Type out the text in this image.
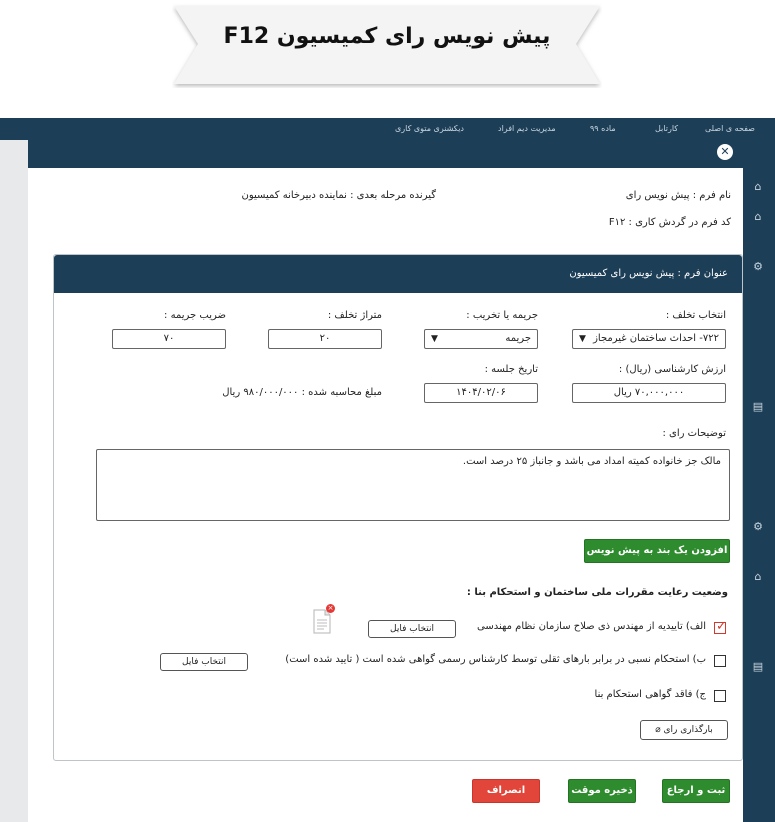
پیش نویس رای کمیسیون F12
صفحه ی اصلی
کارتابل
ماده ۹۹
مدیریت دیم افراد
دیکشنری متوی کاری
⌂
⌂
⚙
▤
⚙
⌂
▤
✕
نام فرم : پیش نویس رای
گیرنده مرحله بعدی : نماینده دبیرخانه کمیسیون
کد فرم در گردش کاری : F۱۲
عنوان فرم : پیش نویس رای کمیسیون
انتخاب تخلف :
جریمه یا تخریب :
متراژ تخلف :
ضریب جریمه :
۷۲۲- احداث ساختمان غیرمجاز
▼
جریمه
▼
۲۰
۷۰
ارزش کارشناسی (ریال) :
تاریخ جلسه :
۷۰,۰۰۰,۰۰۰ ریال
۱۴۰۴/۰۲/۰۶
مبلغ محاسبه شده : ۹۸۰/۰۰۰/۰۰۰ ریال
توضیحات رای :
مالک جز خانواده کمیته امداد می باشد و جانباز ۲۵ درصد است.
افزودن یک بند به پیش نویس
وضعیت رعایت مقررات ملی ساختمان و استحکام بنا :
✓
الف) تاییدیه از مهندس ذی صلاح سازمان نظام مهندسی
انتخاب فایل
×
ب) استحکام نسبی در برابر بارهای ثقلی توسط کارشناس رسمی گواهی شده است ( تایید شده است)
انتخاب فایل
ج) فاقد گواهی استحکام بنا
بارگذاری رای ⌀
ثبت و ارجاع
ذخیره موقت
انصراف
